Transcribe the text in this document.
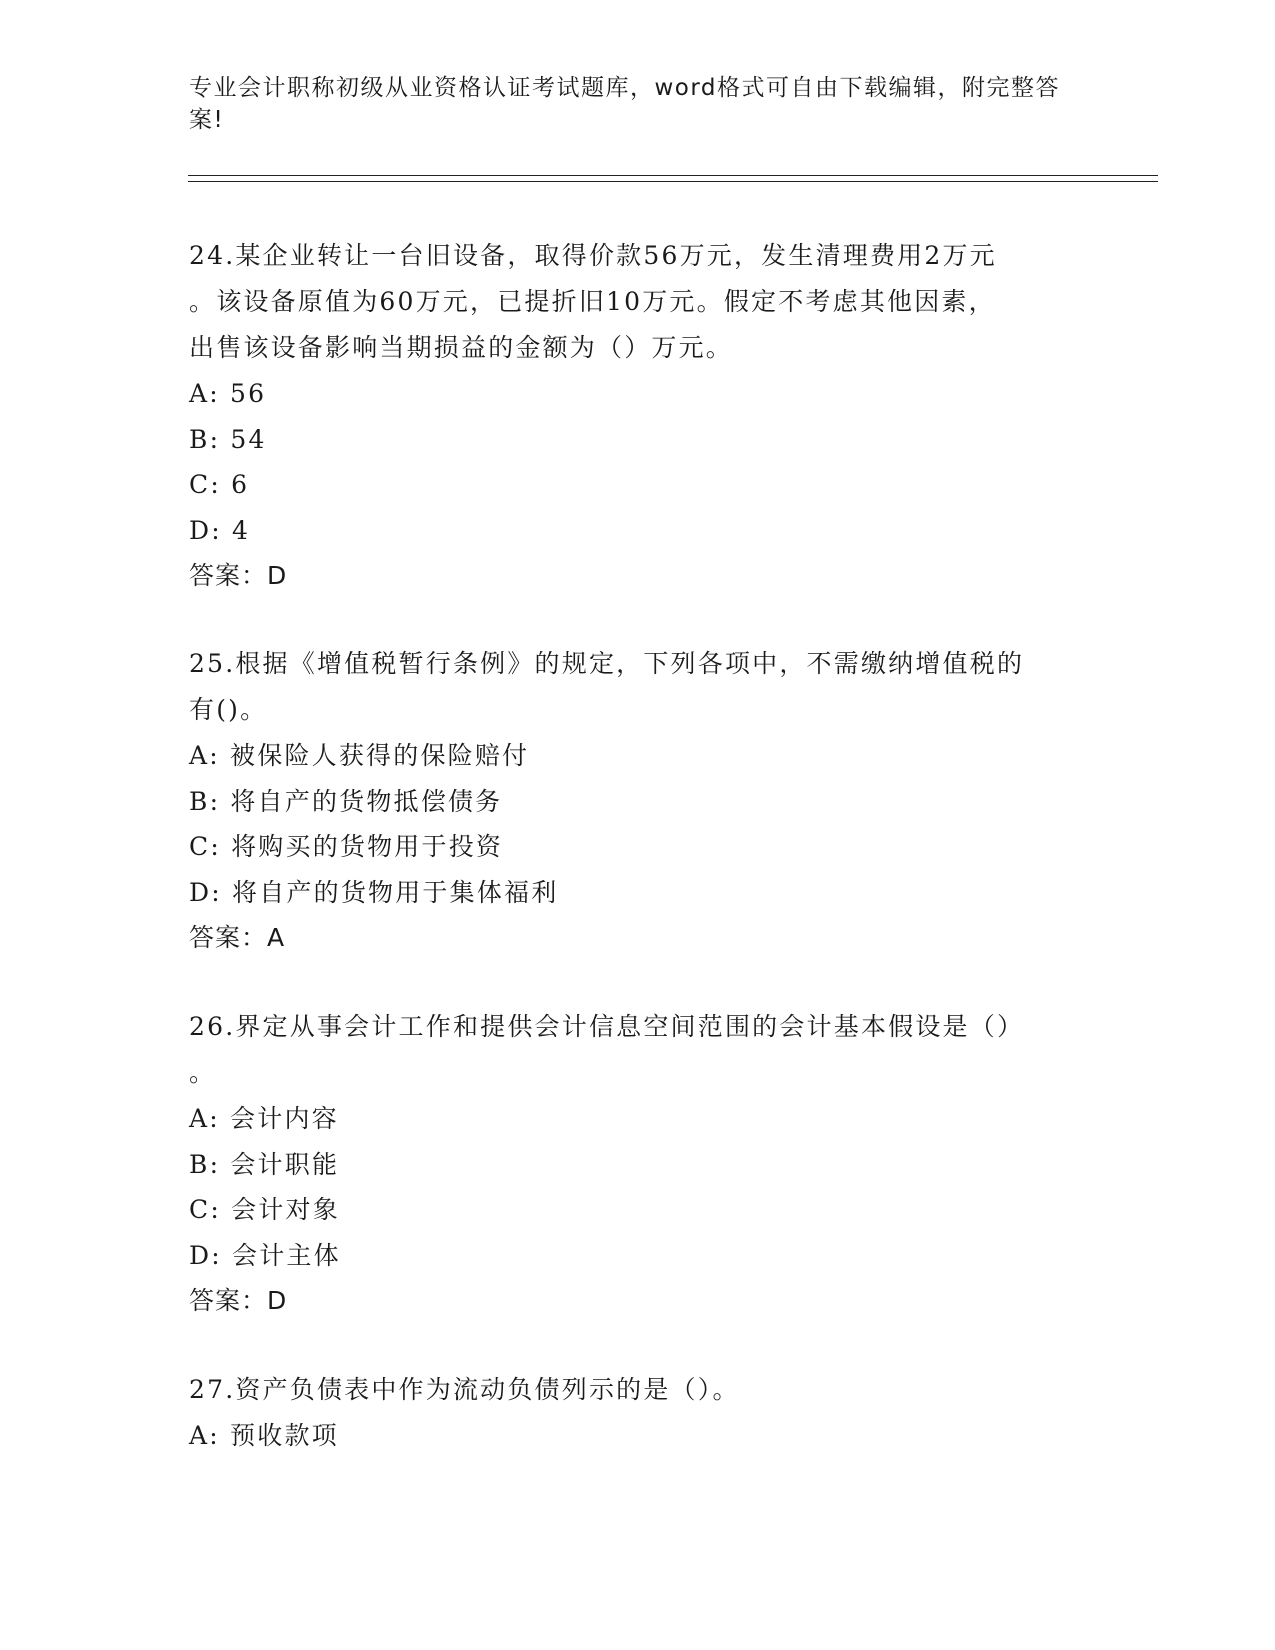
专业会计职称初级从业资格认证考试题库，word格式可自由下载编辑，附完整答
案!
24.某企业转让一台旧设备，取得价款56万元，发生清理费用2万元
。该设备原值为60万元，已提折旧10万元。假定不考虑其他因素，
出售该设备影响当期损益的金额为（）万元。
A: 56
B: 54
C: 6
D: 4
答案：D
25.根据《增值税暂行条例》的规定，下列各项中，不需缴纳增值税的
有()。
A: 被保险人获得的保险赔付
B: 将自产的货物抵偿债务
C: 将购买的货物用于投资
D: 将自产的货物用于集体福利
答案：A
26.界定从事会计工作和提供会计信息空间范围的会计基本假设是（）
。
A: 会计内容
B: 会计职能
C: 会计对象
D: 会计主体
答案：D
27.资产负债表中作为流动负债列示的是（）。
A: 预收款项
